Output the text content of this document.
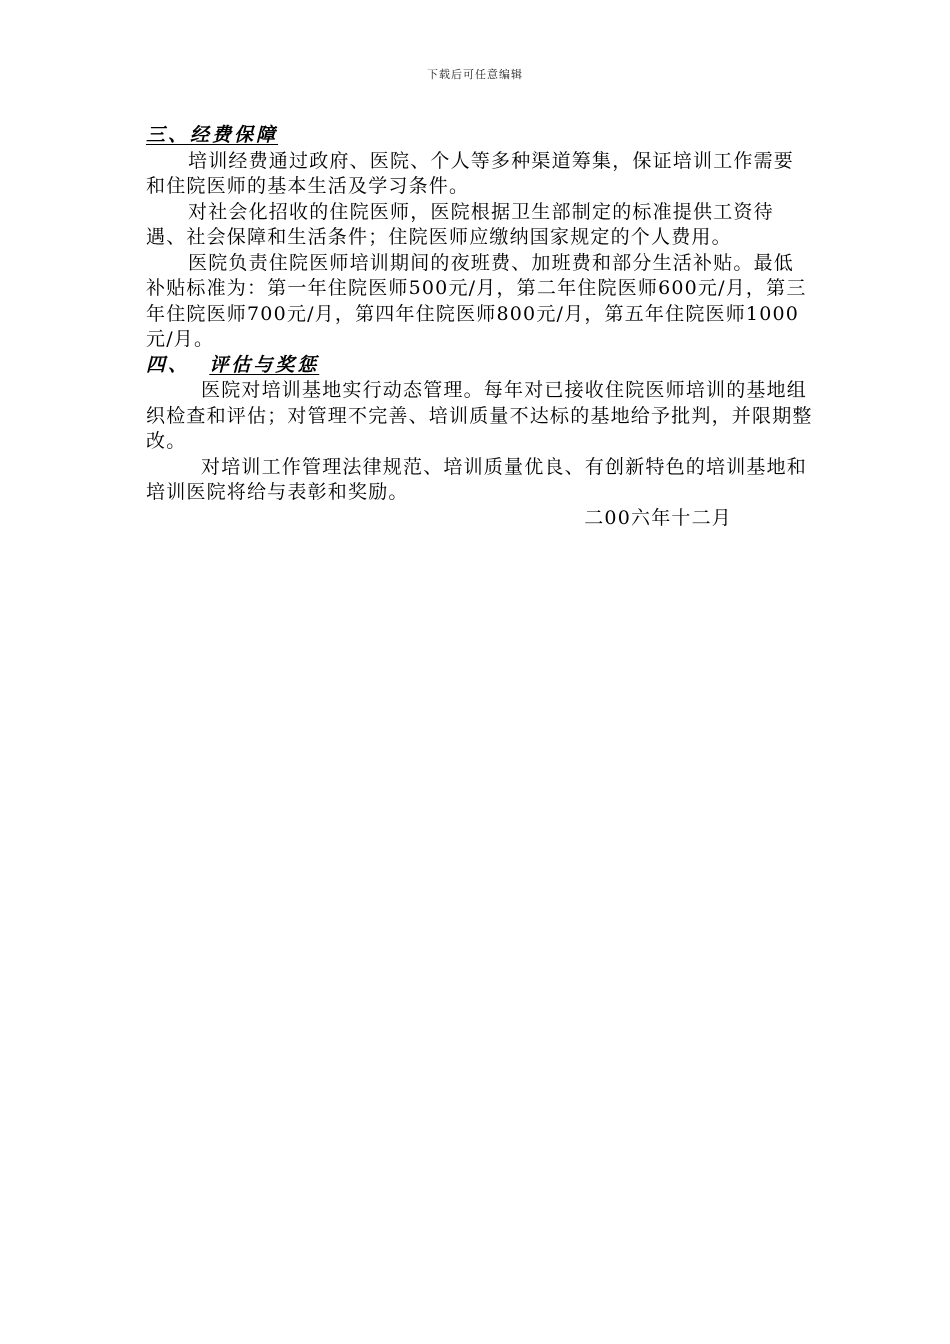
下载后可任意编辑

三、经费保障

培训经费通过政府、医院、个人等多种渠道筹集，保证培训工作需要和住院医师的基本生活及学习条件。

对社会化招收的住院医师，医院根据卫生部制定的标准提供工资待遇、社会保障和生活条件；住院医师应缴纳国家规定的个人费用。

医院负责住院医师培训期间的夜班费、加班费和部分生活补贴。最低补贴标准为：第一年住院医师500元/月，第二年住院医师600元/月，第三年住院医师700元/月，第四年住院医师800元/月，第五年住院医师1000元/月。

四、 评估与奖惩

医院对培训基地实行动态管理。每年对已接收住院医师培训的基地组织检查和评估；对管理不完善、培训质量不达标的基地给予批判，并限期整改。

对培训工作管理法律规范、培训质量优良、有创新特色的培训基地和培训医院将给与表彰和奖励。

二00六年十二月
